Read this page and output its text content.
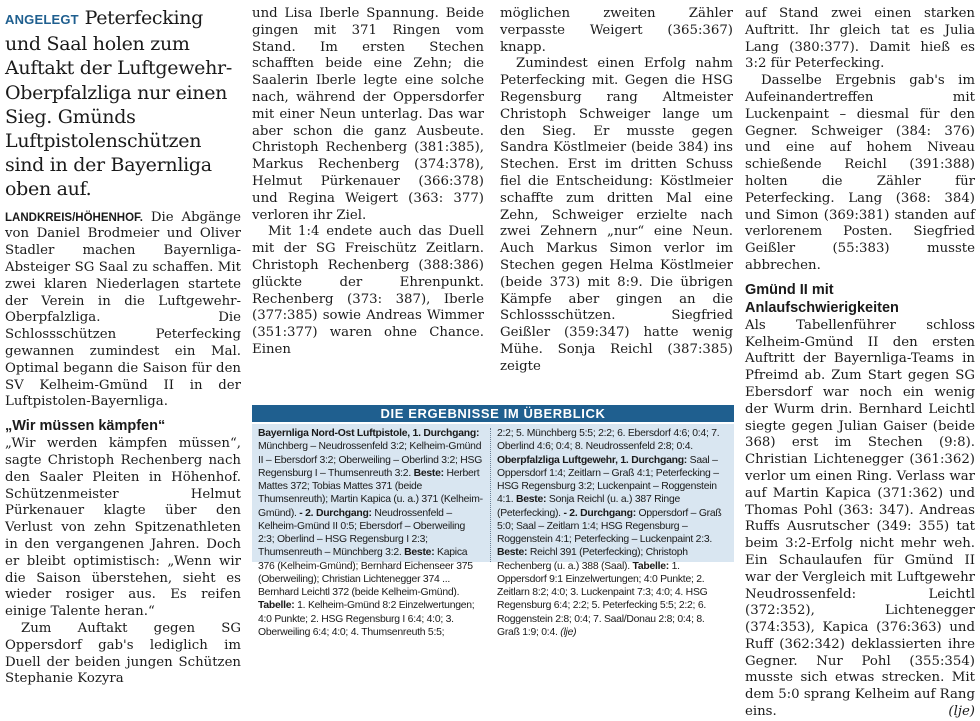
ANGELEGT Peterfecking und Saal holen zum Auftakt der Luftgewehr-Oberpfalzliga nur einen Sieg. Gmünds Luftpistolenschützen sind in der Bayernliga oben auf.

LANDKREIS/HÖHENHOF. Die Abgänge von Daniel Brodmeier und Oliver Stadler machen Bayernliga-Absteiger SG Saal zu schaffen. Mit zwei klaren Niederlagen startete der Verein in die Luftgewehr-Oberpfalzliga. Die Schlossschützen Peterfecking gewannen zumindest ein Mal. Optimal begann die Saison für den SV Kelheim-Gmünd II in der Luftpistolen-Bayernliga.

„Wir müssen kämpfen“

„Wir werden kämpfen müssen“, sagte Christoph Rechenberg nach den Saaler Pleiten in Höhenhof. Schützenmeister Helmut Pürkenauer klagte über den Verlust von zehn Spitzenathleten in den vergangenen Jahren. Doch er bleibt optimistisch: „Wenn wir die Saison überstehen, sieht es wieder rosiger aus. Es reifen einige Talente heran.“

Zum Auftakt gegen SG Oppersdorf gab's lediglich im Duell der beiden jungen Schützen Stephanie Kozyra

und Lisa Iberle Spannung. Beide gingen mit 371 Ringen vom Stand. Im ersten Stechen schafften beide eine Zehn; die Saalerin Iberle legte eine solche nach, während der Oppersdorfer mit einer Neun unterlag. Das war aber schon die ganz Ausbeute. Christoph Rechenberg (381:385), Markus Rechenberg (374:378), Helmut Pürkenauer (366:378) und Regina Weigert (363: 377) verloren ihr Ziel.

Mit 1:4 endete auch das Duell mit der SG Freischütz Zeitlarn. Christoph Rechenberg (388:386) glückte der Ehrenpunkt. Rechenberg (373: 387), Iberle (377:385) sowie Andreas Wimmer (351:377) waren ohne Chance. Einen

möglichen zweiten Zähler verpasste Weigert (365:367) knapp.

Zumindest einen Erfolg nahm Peterfecking mit. Gegen die HSG Regensburg rang Altmeister Christoph Schweiger lange um den Sieg. Er musste gegen Sandra Köstlmeier (beide 384) ins Stechen. Erst im dritten Schuss fiel die Entscheidung: Köstlmeier schaffte zum dritten Mal eine Zehn, Schweiger erzielte nach zwei Zehnern „nur“ eine Neun. Auch Markus Simon verlor im Stechen gegen Helma Köstlmeier (beide 373) mit 8:9. Die übrigen Kämpfe aber gingen an die Schlossschützen. Siegfried Geißler (359:347) hatte wenig Mühe. Sonja Reichl (387:385) zeigte

auf Stand zwei einen starken Auftritt. Ihr gleich tat es Julia Lang (380:377). Damit hieß es 3:2 für Peterfecking.

Dasselbe Ergebnis gab's im Aufeinandertreffen mit Luckenpaint – diesmal für den Gegner. Schweiger (384: 376) und eine auf hohem Niveau schießende Reichl (391:388) holten die Zähler für Peterfecking. Lang (368: 384) und Simon (369:381) standen auf verlorenem Posten. Siegfried Geißler (55:383) musste abbrechen.

Gmünd II mit Anlaufschwierigkeiten

Als Tabellenführer schloss Kelheim-Gmünd II den ersten Auftritt der Bayernliga-Teams in Pfreimd ab. Zum Start gegen SG Ebersdorf war noch ein wenig der Wurm drin. Bernhard Leichtl siegte gegen Julian Gaiser (beide 368) erst im Stechen (9:8). Christian Lichtenegger (361:362) verlor um einen Ring. Verlass war auf Martin Kapica (371:362) und Thomas Pohl (363: 347). Andreas Ruffs Ausrutscher (349: 355) tat beim 3:2-Erfolg nicht mehr weh. Ein Schaulaufen für Gmünd II war der Vergleich mit Luftgewehr Neudrossenfeld: Leichtl (372:352), Lichtenegger (374:353), Kapica (376:363) und Ruff (362:342) deklassierten ihre Gegner. Nur Pohl (355:354) musste sich etwas strecken. Mit dem 5:0 sprang Kelheim auf Rang eins.	(lje)

DIE ERGEBNISSE IM ÜBERBLICK
Bayernliga Nord-Ost Luftpistole, 1. Durchgang: Münchberg – Neudrossenfeld 3:2; Kelheim-Gmünd II – Ebersdorf 3:2; Oberweiling – Oberlind 3:2; HSG Regensburg I – Thumsenreuth 3:2. Beste: Herbert Mattes 372; Tobias Mattes 371 (beide Thumsenreuth); Martin Kapica (u. a.) 371 (Kelheim-Gmünd). - 2. Durchgang: Neudrossenfeld – Kelheim-Gmünd II 0:5; Ebersdorf – Oberweiling 2:3; Oberlind – HSG Regensburg I 2:3; Thumsenreuth – Münchberg 3:2. Beste: Kapica 376 (Kelheim-Gmünd); Bernhard Eichenseer 375 (Oberweiling); Christian Lichtenegger 374 ... Bernhard Leichtl 372 (beide Kelheim-Gmünd). Tabelle: 1. Kelheim-Gmünd 8:2 Einzelwertungen; 4:0 Punkte; 2. HSG Regensburg I 6:4; 4:0; 3. Oberweiling 6:4; 4:0; 4. Thumsenreuth 5:5;
2:2; 5. Münchberg 5:5; 2:2; 6. Ebersdorf 4:6; 0:4; 7. Oberlind 4:6; 0:4; 8. Neudrossenfeld 2:8; 0:4.
Oberpfalzliga Luftgewehr, 1. Durchgang: Saal – Oppersdorf 1:4; Zeitlarn – Graß 4:1; Peterfecking – HSG Regensburg 3:2; Luckenpaint – Roggenstein 4:1. Beste: Sonja Reichl (u. a.) 387 Ringe (Peterfecking). - 2. Durchgang: Oppersdorf – Graß 5:0; Saal – Zeitlarn 1:4; HSG Regensburg – Roggenstein 4:1; Peterfecking – Luckenpaint 2:3. Beste: Reichl 391 (Peterfecking); Christoph Rechenberg (u. a.) 388 (Saal). Tabelle: 1. Oppersdorf 9:1 Einzelwertungen; 4:0 Punkte; 2. Zeitlarn 8:2; 4:0; 3. Luckenpaint 7:3; 4:0; 4. HSG Regensburg 6:4; 2:2; 5. Peterfecking 5:5; 2:2; 6. Roggenstein 2:8; 0:4; 7. Saal/Donau 2:8; 0:4; 8. Graß 1:9; 0:4. (lje)
